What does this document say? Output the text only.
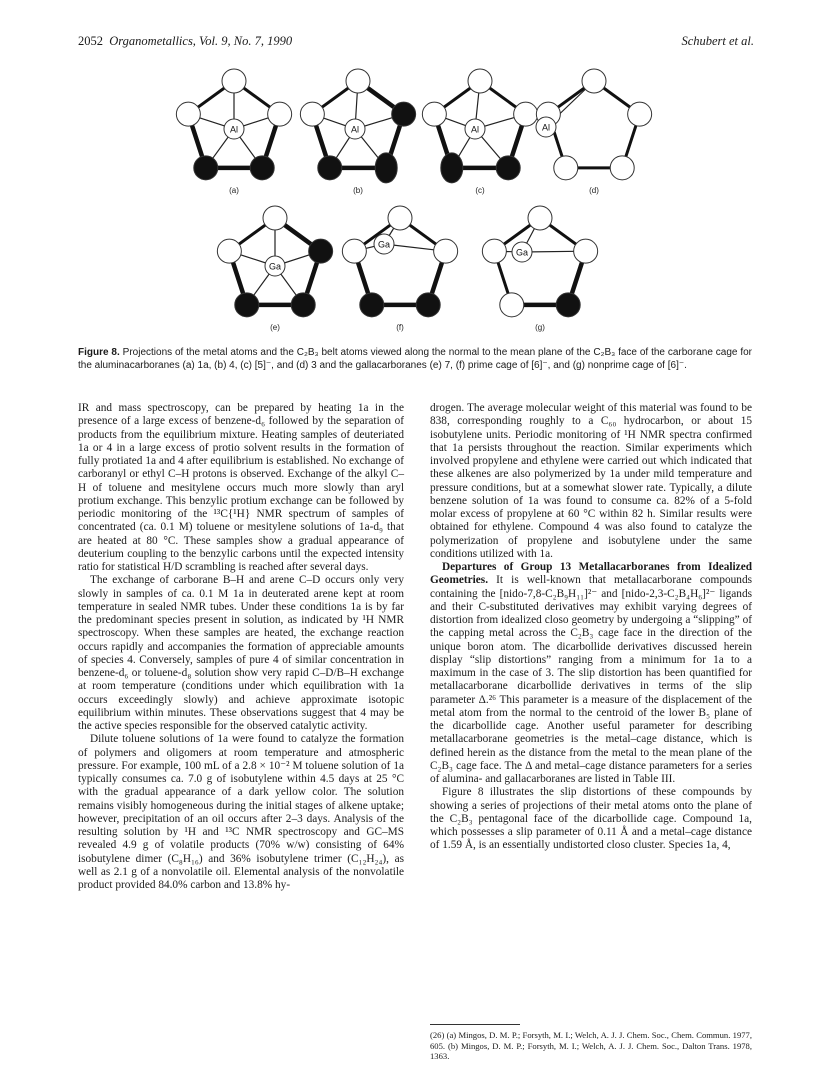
2052 Organometallics, Vol. 9, No. 7, 1990	Schubert et al.
Al
(a)
Al
(b)
Al
(c)
Al
(d)
Ga
(e)
Ga
(f)
Ga
(g)
Figure 8. Projections of the metal atoms and the C₂B₃ belt atoms viewed along the normal to the mean plane of the C₂B₃ face of the carborane cage for the aluminacarboranes (a) 1a, (b) 4, (c) [5]⁻, and (d) 3 and the gallacarboranes (e) 7, (f) prime cage of [6]⁻, and (g) nonprime cage of [6]⁻.

IR and mass spectroscopy, can be prepared by heating 1a in the presence of a large excess of benzene-d₆ followed by the separation of products from the equilibrium mixture. Heating samples of deuteriated 1a or 4 in a large excess of protio solvent results in the formation of fully protiated 1a and 4 after equilibrium is established. No exchange of carboranyl or ethyl C–H protons is observed. Exchange of the alkyl C–H of toluene and mesitylene occurs much more slowly than aryl protium exchange. This benzylic protium exchange can be followed by periodic monitoring of the ¹³C{¹H} NMR spectrum of samples of concentrated (ca. 0.1 M) toluene or mesitylene solutions of 1a-d₉ that are heated at 80 °C. These samples show a gradual appearance of deuterium coupling to the benzylic carbons until the expected intensity ratio for statistical H/D scrambling is reached after several days.

The exchange of carborane B–H and arene C–D occurs only very slowly in samples of ca. 0.1 M 1a in deuterated arene kept at room temperature in sealed NMR tubes. Under these conditions 1a is by far the predominant species present in solution, as indicated by ¹H NMR spectroscopy. When these samples are heated, the exchange reaction occurs rapidly and accompanies the formation of appreciable amounts of species 4. Conversely, samples of pure 4 of similar concentration in benzene-d₆ or toluene-d₈ solution show very rapid C–D/B–H exchange at room temperature (conditions under which equilibration with 1a occurs exceedingly slowly) and achieve approximate isotopic equilibrium within minutes. These observations suggest that 4 may be the active species responsible for the observed catalytic activity.

Dilute toluene solutions of 1a were found to catalyze the formation of polymers and oligomers at room temperature and atmospheric pressure. For example, 100 mL of a 2.8 × 10⁻² M toluene solution of 1a typically consumes ca. 7.0 g of isobutylene within 4.5 days at 25 °C with the gradual appearance of a dark yellow color. The solution remains visibly homogeneous during the initial stages of alkene uptake; however, precipitation of an oil occurs after 2–3 days. Analysis of the resulting solution by ¹H and ¹³C NMR spectroscopy and GC–MS revealed 4.9 g of volatile products (70% w/w) consisting of 64% isobutylene dimer (C₈H₁₆) and 36% isobutylene trimer (C₁₂H₂₄), as well as 2.1 g of a nonvolatile oil. Elemental analysis of the nonvolatile product provided 84.0% carbon and 13.8% hy-

drogen. The average molecular weight of this material was found to be 838, corresponding roughly to a C₆₀ hydrocarbon, or about 15 isobutylene units. Periodic monitoring of ¹H NMR spectra confirmed that 1a persists throughout the reaction. Similar experiments which involved propylene and ethylene were carried out which indicated that these alkenes are also polymerized by 1a under mild temperature and pressure conditions, but at a somewhat slower rate. Typically, a dilute benzene solution of 1a was found to consume ca. 82% of a 5-fold molar excess of propylene at 60 °C within 82 h. Similar results were obtained for ethylene. Compound 4 was also found to catalyze the polymerization of propylene and isobutylene under the same conditions utilized with 1a.

Departures of Group 13 Metallacarboranes from Idealized Geometries. It is well-known that metallacarborane compounds containing the [nido-7,8-C₂B₉H₁₁]²⁻ and [nido-2,3-C₂B₄H₆]²⁻ ligands and their C-substituted derivatives may exhibit varying degrees of distortion from idealized closo geometry by undergoing a “slipping” of the capping metal across the C₂B₃ cage face in the direction of the unique boron atom. The dicarbollide derivatives discussed herein display “slip distortions” ranging from a minimum for 1a to a maximum in the case of 3. The slip distortion has been quantified for metallacarborane dicarbollide derivatives in terms of the slip parameter Δ.²⁶ This parameter is a measure of the displacement of the metal atom from the normal to the centroid of the lower B₅ plane of the dicarbollide cage. Another useful parameter for describing metallacarborane geometries is the metal–cage distance, which is defined herein as the distance from the metal to the mean plane of the C₂B₃ cage face. The Δ and metal–cage distance parameters for a series of alumina- and gallacarboranes are listed in Table III.

Figure 8 illustrates the slip distortions of these compounds by showing a series of projections of their metal atoms onto the plane of the C₂B₃ pentagonal face of the dicarbollide cage. Compound 1a, which possesses a slip parameter of 0.11 Å and a metal–cage distance of 1.59 Å, is an essentially undistorted closo cluster. Species 1a, 4,

(26) (a) Mingos, D. M. P.; Forsyth, M. I.; Welch, A. J. J. Chem. Soc., Chem. Commun. 1977, 605. (b) Mingos, D. M. P.; Forsyth, M. I.; Welch, A. J. J. Chem. Soc., Dalton Trans. 1978, 1363.
